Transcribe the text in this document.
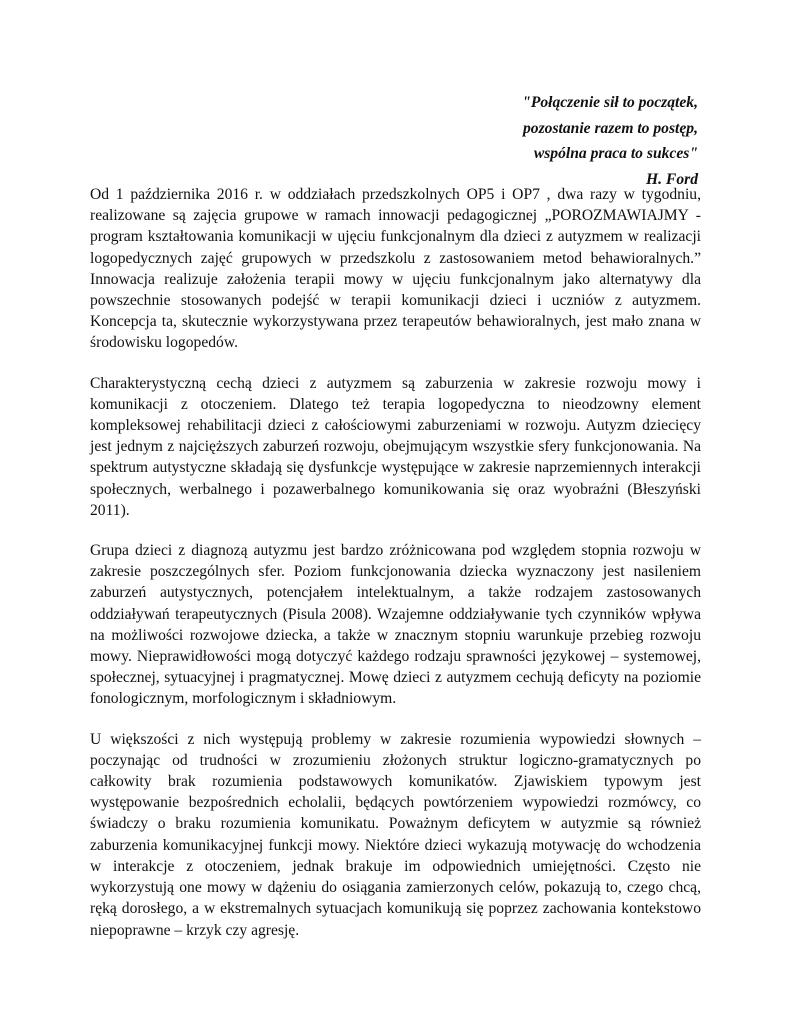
"Połączenie sił to początek,
pozostanie razem to postęp,
wspólna praca to sukces"
H. Ford

Od 1 października 2016 r. w oddziałach przedszkolnych OP5 i OP7 , dwa razy w tygodniu, realizowane są zajęcia grupowe w ramach innowacji pedagogicznej „POROZMAWIAJMY - program kształtowania komunikacji w ujęciu funkcjonalnym dla dzieci z autyzmem w realizacji logopedycznych zajęć grupowych w przedszkolu z zastosowaniem metod behawioralnych.” Innowacja realizuje założenia terapii mowy w ujęciu funkcjonalnym jako alternatywy dla powszechnie stosowanych podejść w terapii komunikacji dzieci i uczniów z autyzmem. Koncepcja ta, skutecznie wykorzystywana przez terapeutów behawioralnych, jest mało znana w środowisku logopedów.

Charakterystyczną cechą dzieci z autyzmem są zaburzenia w zakresie rozwoju mowy i komunikacji z otoczeniem. Dlatego też terapia logopedyczna to nieodzowny element kompleksowej rehabilitacji dzieci z całościowymi zaburzeniami w rozwoju. Autyzm dziecięcy jest jednym z najcięższych zaburzeń rozwoju, obejmującym wszystkie sfery funkcjonowania. Na spektrum autystyczne składają się dysfunkcje występujące w zakresie naprzemiennych interakcji społecznych, werbalnego i pozawerbalnego komunikowania się oraz wyobraźni (Błeszyński 2011).

Grupa dzieci z diagnozą autyzmu jest bardzo zróżnicowana pod względem stopnia rozwoju w zakresie poszczególnych sfer. Poziom funkcjonowania dziecka wyznaczony jest nasileniem zaburzeń autystycznych, potencjałem intelektualnym, a także rodzajem zastosowanych oddziaływań terapeutycznych (Pisula 2008). Wzajemne oddziaływanie tych czynników wpływa na możliwości rozwojowe dziecka, a także w znacznym stopniu warunkuje przebieg rozwoju mowy. Nieprawidłowości mogą dotyczyć każdego rodzaju sprawności językowej – systemowej, społecznej, sytuacyjnej i pragmatycznej. Mowę dzieci z autyzmem cechują deficyty na poziomie fonologicznym, morfologicznym i składniowym.

U większości z nich występują problemy w zakresie rozumienia wypowiedzi słownych – poczynając od trudności w zrozumieniu złożonych struktur logiczno-gramatycznych po całkowity brak rozumienia podstawowych komunikatów. Zjawiskiem typowym jest występowanie bezpośrednich echolalii, będących powtórzeniem wypowiedzi rozmówcy, co świadczy o braku rozumienia komunikatu. Poważnym deficytem w autyzmie są również zaburzenia komunikacyjnej funkcji mowy. Niektóre dzieci wykazują motywację do wchodzenia w interakcje z otoczeniem, jednak brakuje im odpowiednich umiejętności. Często nie wykorzystują one mowy w dążeniu do osiągania zamierzonych celów, pokazują to, czego chcą, ręką dorosłego, a w ekstremalnych sytuacjach komunikują się poprzez zachowania kontekstowo niepoprawne – krzyk czy agresję.
